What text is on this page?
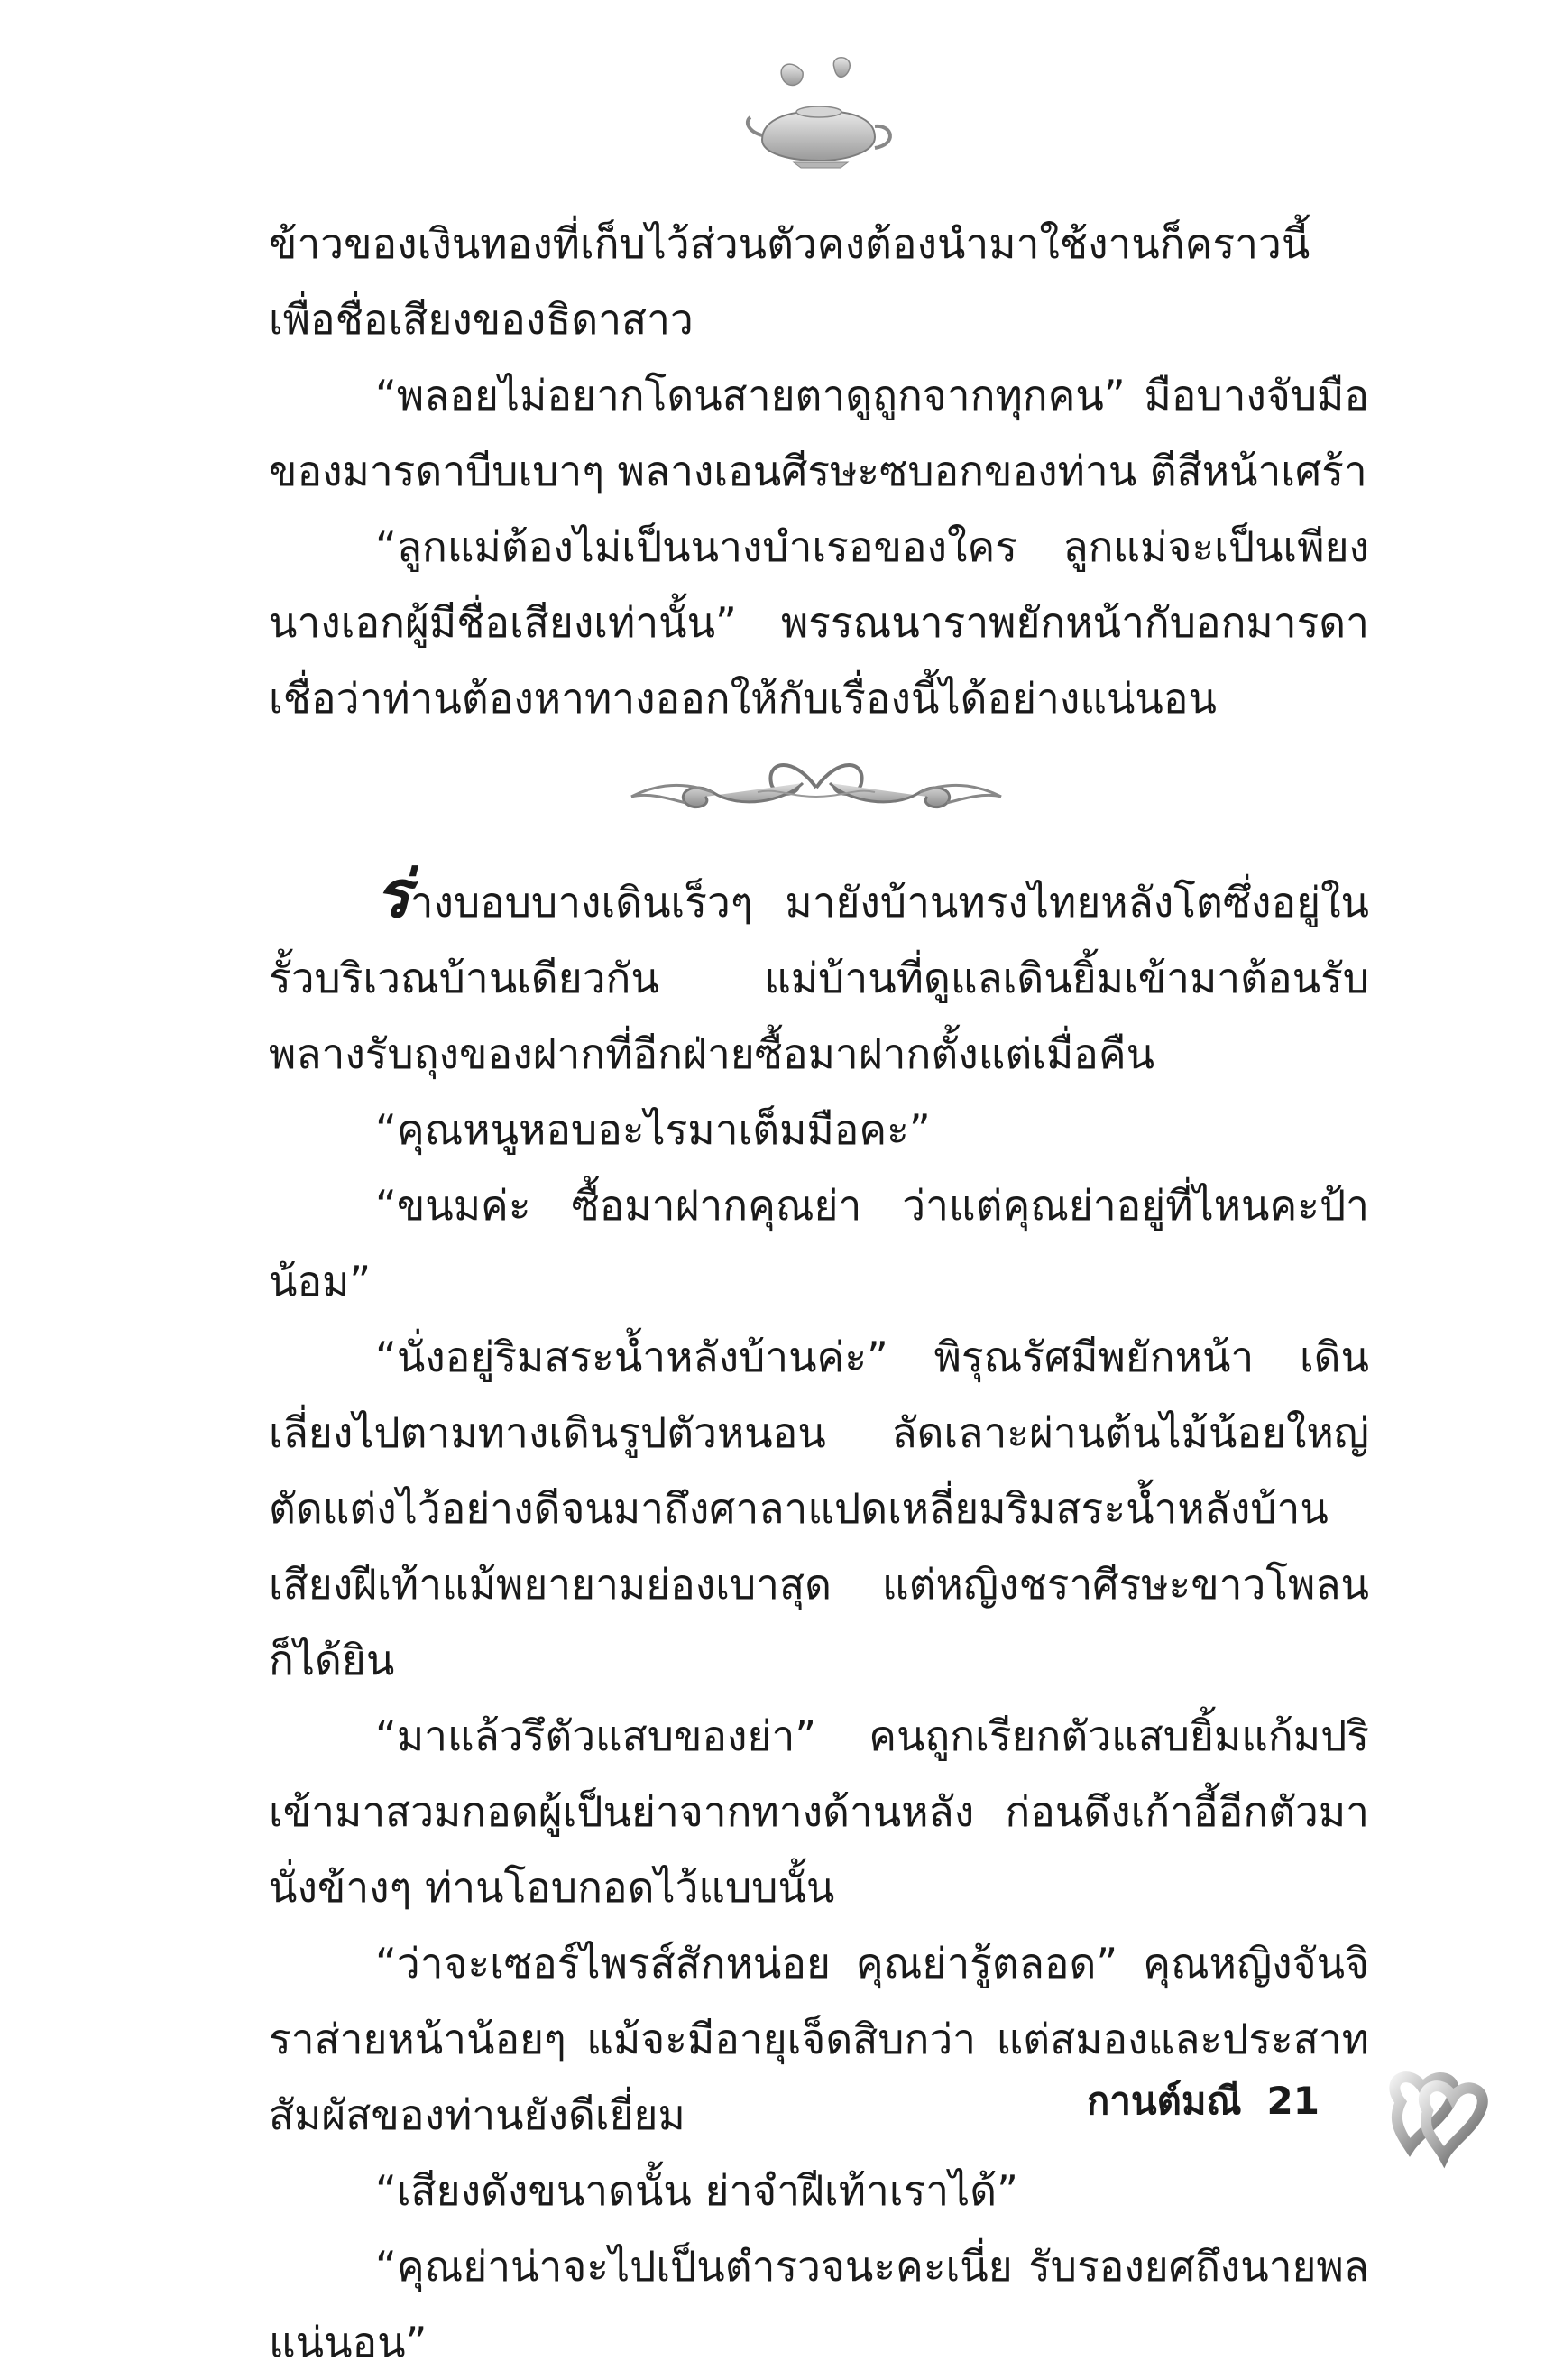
ข้าวของเงินทองที่เก็บไว้ส่วนตัวคงต้องนำมาใช้งานก็คราวนี้ เพื่อชื่อเสียงของธิดาสาว

“พลอยไม่อยากโดนสายตาดูถูกจากทุกคน” มือบางจับมือของมารดาบีบเบาๆ พลางเอนศีรษะซบอกของท่าน ตีสีหน้าเศร้า

“ลูกแม่ต้องไม่เป็นนางบำเรอของใคร ลูกแม่จะเป็นเพียงนางเอกผู้มีชื่อเสียงเท่านั้น” พรรณนาราพยักหน้ากับอกมารดา เชื่อว่าท่านต้องหาทางออกให้กับเรื่องนี้ได้อย่างแน่นอน

ร่างบอบบางเดินเร็วๆ มายังบ้านทรงไทยหลังโตซึ่งอยู่ในรั้วบริเวณบ้านเดียวกัน แม่บ้านที่ดูแลเดินยิ้มเข้ามาต้อนรับ พลางรับถุงของฝากที่อีกฝ่ายซื้อมาฝากตั้งแต่เมื่อคืน

“คุณหนูหอบอะไรมาเต็มมือคะ”

“ขนมค่ะ ซื้อมาฝากคุณย่า ว่าแต่คุณย่าอยู่ที่ไหนคะป้าน้อม”

“นั่งอยู่ริมสระน้ำหลังบ้านค่ะ” พิรุณรัศมีพยักหน้า เดินเลี่ยงไปตามทางเดินรูปตัวหนอน ลัดเลาะผ่านต้นไม้น้อยใหญ่ตัดแต่งไว้อย่างดีจนมาถึงศาลาแปดเหลี่ยมริมสระน้ำหลังบ้าน เสียงฝีเท้าแม้พยายามย่องเบาสุด แต่หญิงชราศีรษะขาวโพลนก็ได้ยิน

“มาแล้วรึตัวแสบของย่า” คนถูกเรียกตัวแสบยิ้มแก้มปริ เข้ามาสวมกอดผู้เป็นย่าจากทางด้านหลัง ก่อนดึงเก้าอี้อีกตัวมานั่งข้างๆ ท่านโอบกอดไว้แบบนั้น

“ว่าจะเซอร์ไพรส์สักหน่อย คุณย่ารู้ตลอด” คุณหญิงจันจิราส่ายหน้าน้อยๆ แม้จะมีอายุเจ็ดสิบกว่า แต่สมองและประสาทสัมผัสของท่านยังดีเยี่ยม

“เสียงดังขนาดนั้น ย่าจำฝีเท้าเราได้”

“คุณย่าน่าจะไปเป็นตำรวจนะคะเนี่ย รับรองยศถึงนายพลแน่นอน”

กานต์มณี 21
